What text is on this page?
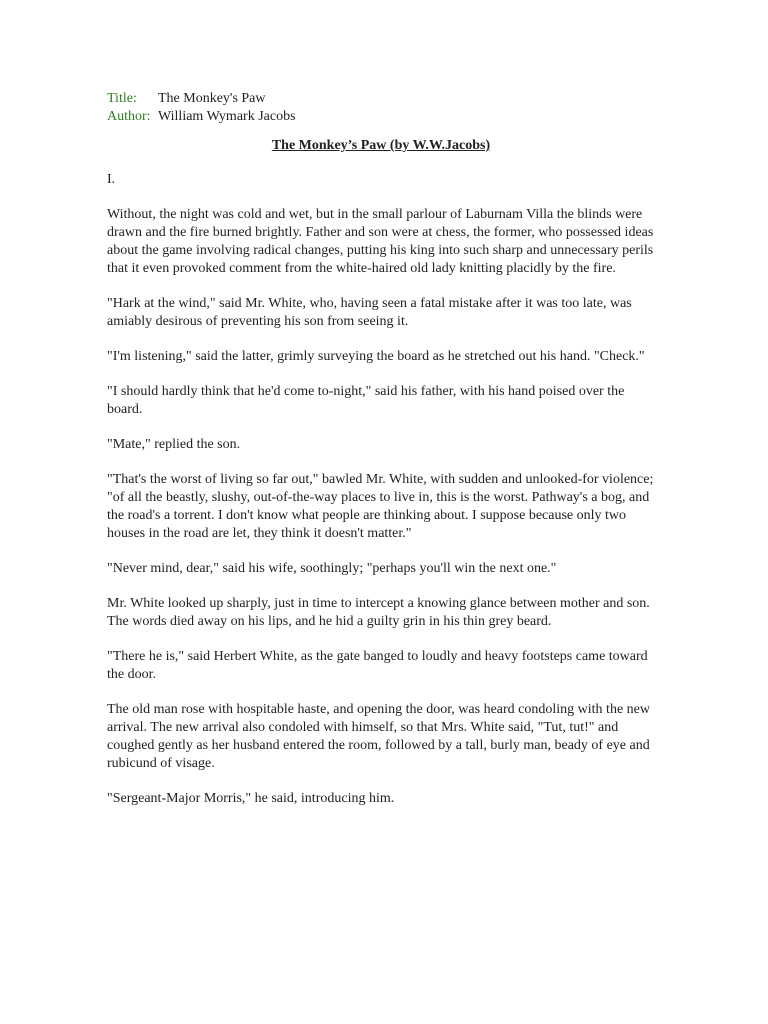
Title:	The Monkey's Paw
Author: William Wymark Jacobs
The Monkey’s Paw (by W.W.Jacobs)
I.

Without, the night was cold and wet, but in the small parlour of Laburnam Villa the blinds were drawn and the fire burned brightly. Father and son were at chess, the former, who possessed ideas about the game involving radical changes, putting his king into such sharp and unnecessary perils that it even provoked comment from the white-haired old lady knitting placidly by the fire.

"Hark at the wind," said Mr. White, who, having seen a fatal mistake after it was too late, was amiably desirous of preventing his son from seeing it.

"I'm listening," said the latter, grimly surveying the board as he stretched out his hand. "Check."

"I should hardly think that he'd come to-night," said his father, with his hand poised over the board.

"Mate," replied the son.

"That's the worst of living so far out," bawled Mr. White, with sudden and unlooked-for violence; "of all the beastly, slushy, out-of-the-way places to live in, this is the worst. Pathway's a bog, and the road's a torrent. I don't know what people are thinking about. I suppose because only two houses in the road are let, they think it doesn't matter."

"Never mind, dear," said his wife, soothingly; "perhaps you'll win the next one."

Mr. White looked up sharply, just in time to intercept a knowing glance between mother and son. The words died away on his lips, and he hid a guilty grin in his thin grey beard.

"There he is," said Herbert White, as the gate banged to loudly and heavy footsteps came toward the door.

The old man rose with hospitable haste, and opening the door, was heard condoling with the new arrival. The new arrival also condoled with himself, so that Mrs. White said, "Tut, tut!" and coughed gently as her husband entered the room, followed by a tall, burly man, beady of eye and rubicund of visage.

"Sergeant-Major Morris," he said, introducing him.
